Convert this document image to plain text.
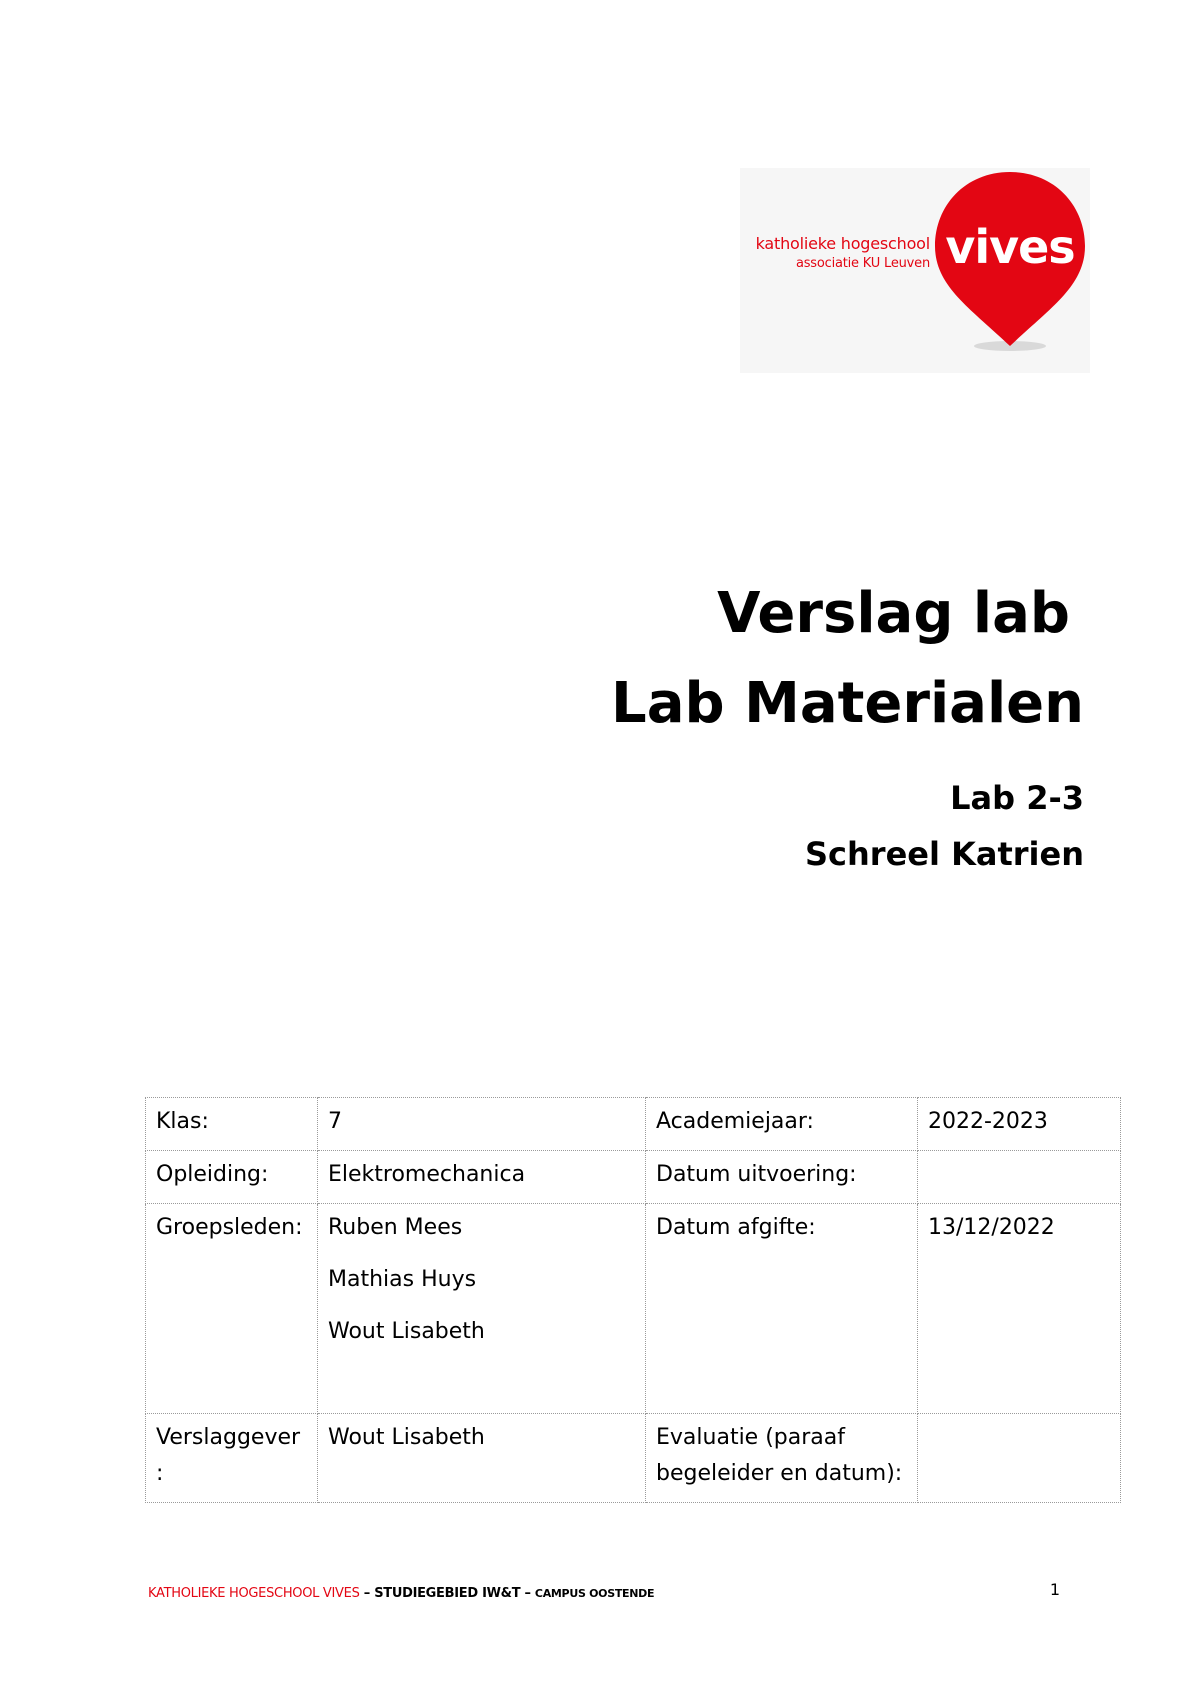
katholieke hogeschool
associatie KU Leuven vives
Verslag lab
Lab Materialen
Lab 2-3
Schreel Katrien
Klas:	7	Academiejaar:	2022-2023
Opleiding:	Elektromechanica	Datum uitvoering:	
Groepsleden:	Ruben Mees
Mathias Huys
Wout Lisabeth	Datum afgifte:	13/12/2022
Verslaggever:	Wout Lisabeth	Evaluatie (paraaf
begeleider en datum):	

KATHOLIEKE HOGESCHOOL VIVES – STUDIEGEBIED IW&T – CAMPUS OOSTENDE	1
